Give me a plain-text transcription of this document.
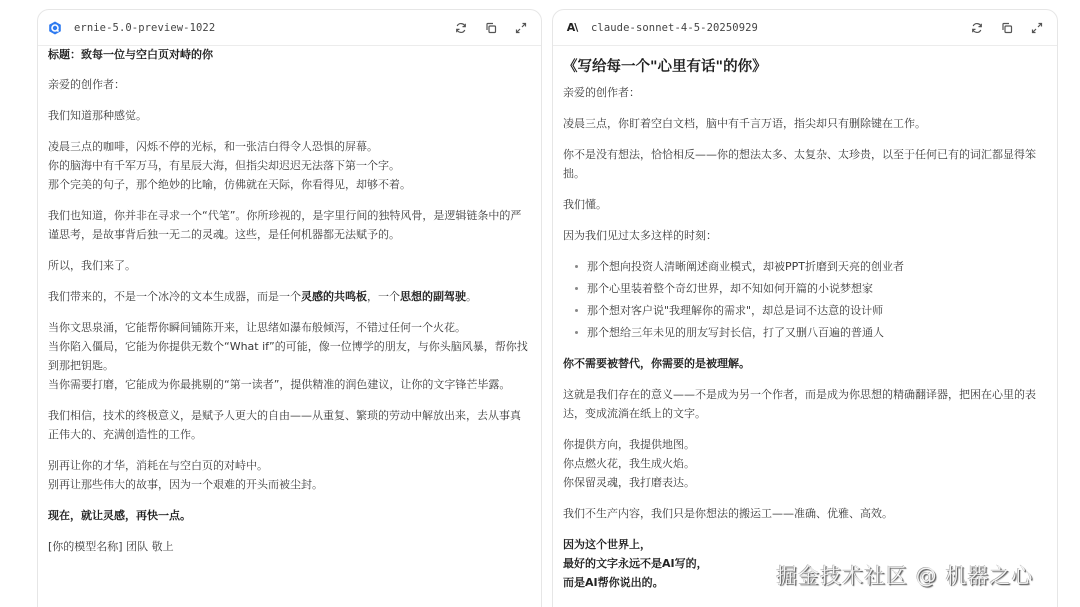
ernie-5.0-preview-1022
标题：致每一位与空白页对峙的你

亲爱的创作者：

我们知道那种感觉。

凌晨三点的咖啡，闪烁不停的光标，和一张洁白得令人恐惧的屏幕。
你的脑海中有千军万马，有星辰大海，但指尖却迟迟无法落下第一个字。
那个完美的句子，那个绝妙的比喻，仿佛就在天际，你看得见，却够不着。

我们也知道，你并非在寻求一个“代笔”。你所珍视的，是字里行间的独特风骨，是逻辑链条中的严谨思考，是故事背后独一无二的灵魂。这些，是任何机器都无法赋予的。

所以，我们来了。

我们带来的，不是一个冰冷的文本生成器，而是一个灵感的共鸣板，一个思想的副驾驶。

当你文思泉涌，它能帮你瞬间铺陈开来，让思绪如瀑布般倾泻，不错过任何一个火花。
当你陷入僵局，它能为你提供无数个“What if”的可能，像一位博学的朋友，与你头脑风暴，帮你找到那把钥匙。
当你需要打磨，它能成为你最挑剔的“第一读者”，提供精准的润色建议，让你的文字锋芒毕露。

我们相信，技术的终极意义，是赋予人更大的自由——从重复、繁琐的劳动中解放出来，去从事真正伟大的、充满创造性的工作。

别再让你的才华，消耗在与空白页的对峙中。
别再让那些伟大的故事，因为一个艰难的开头而被尘封。

现在，就让灵感，再快一点。

[你的模型名称] 团队 敬上

A\	claude-sonnet-4-5-20250929
《写给每一个"心里有话"的你》

亲爱的创作者：

凌晨三点，你盯着空白文档，脑中有千言万语，指尖却只有删除键在工作。

你不是没有想法，恰恰相反——你的想法太多、太复杂、太珍贵，以至于任何已有的词汇都显得笨拙。

我们懂。

因为我们见过太多这样的时刻：

那个想向投资人清晰阐述商业模式，却被PPT折磨到天亮的创业者
那个心里装着整个奇幻世界，却不知如何开篇的小说梦想家
那个想对客户说"我理解你的需求"，却总是词不达意的设计师
那个想给三年未见的朋友写封长信，打了又删八百遍的普通人

你不需要被替代，你需要的是被理解。

这就是我们存在的意义——不是成为另一个作者，而是成为你思想的精确翻译器，把困在心里的表达，变成流淌在纸上的文字。

你提供方向，我提供地图。
你点燃火花，我生成火焰。
你保留灵魂，我打磨表达。

我们不生产内容，我们只是你想法的搬运工——准确、优雅、高效。

因为这个世界上，
最好的文字永远不是AI写的，
而是AI帮你说出的。	掘金技术社区 @ 机器之心
